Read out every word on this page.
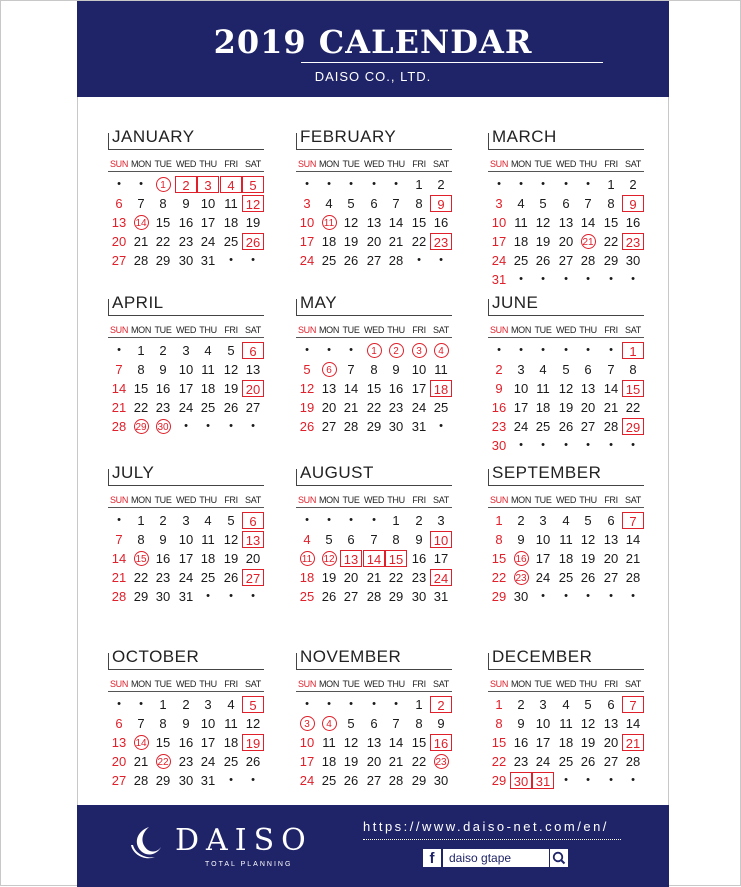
2019 CALENDAR
DAISO CO., LTD.
JANUARY
SUN MON TUE WED THU FRI SAT
•	•	1	2	3	4	5
6	7	8	9 10 11 12
13 14 15 16 17 18 19
20 21 22 23 24 25 26
27 28 29 30 31	•	•
FEBRUARY
SUN MON TUE WED THU FRI SAT
•	•	•	•	•	1	2
3	4	5	6	7	8	9
10 11 12 13 14 15 16
17 18 19 20 21 22 23
24 25 26 27 28	•	•
MARCH
SUN MON TUE WED THU FRI SAT
•	•	•	•	•	1	2
3	4	5	6	7	8	9
10 11 12 13 14 15 16
17 18 19 20 21 22 23
24 25 26 27 28 29 30
31	•	•	•	•	•	•
APRIL
SUN MON TUE WED THU FRI SAT
•	1	2	3	4	5	6
7	8	9 10 11 12 13
14 15 16 17 18 19 20
21 22 23 24 25 26 27
28 29	30	•	•	•	•
MAY
SUN MON TUE WED THU FRI SAT
•	•	•	1	2	3	4
5	6	7	8	9 10 11
12 13 14 15 16 17 18
19 20 21 22 23 24 25
26 27 28 29 30 31	•
JUNE
SUN MON TUE WED THU FRI SAT
•	•	•	•	•	•	1
2	3	4	5	6	7	8
9 10 11 12 13 14 15
16 17 18 19 20 21 22
23 24 25 26 27 28 29
30	•	•	•	•	•	•
JULY
SUN MON TUE WED THU FRI SAT
•	1	2	3	4	5	6
7	8	9 10 11 12 13
14 15 16 17 18 19 20
21 22 23 24 25 26 27
28 29 30 31	•	•	•
AUGUST
SUN MON TUE WED THU FRI SAT
•	•	•	•	1	2	3
4	5	6	7	8	9 10
11	12 13 14 15 16 17
18 19 20 21 22 23 24
25 26 27 28 29 30 31
SEPTEMBER
SUN MON TUE WED THU FRI SAT
1	2	3	4	5	6	7
8	9 10 11 12 13 14
15 16 17 18 19 20 21
22 23 24 25 26 27 28
29 30	•	•	•	•	•
OCTOBER
SUN MON TUE WED THU FRI SAT
•	•	1	2	3	4	5
6	7	8	9 10 11 12
13 14 15 16 17 18 19
20 21 22 23 24 25 26
27 28 29 30 31	•	•
NOVEMBER
SUN MON TUE WED THU FRI SAT
•	•	•	•	•	1	2
3	4	5	6	7	8	9
10 11 12 13 14 15 16
17 18 19 20 21 22 23
24 25 26 27 28 29 30
DECEMBER
SUN MON TUE WED THU FRI SAT
1	2	3	4	5	6	7
8	9 10 11 12 13 14
15 16 17 18 19 20 21
22 23 24 25 26 27 28
29 30 31	•	•	•	•
DAISO
TOTAL PLANNING
https://www.daiso-net.com/en/
f	daiso gtape
